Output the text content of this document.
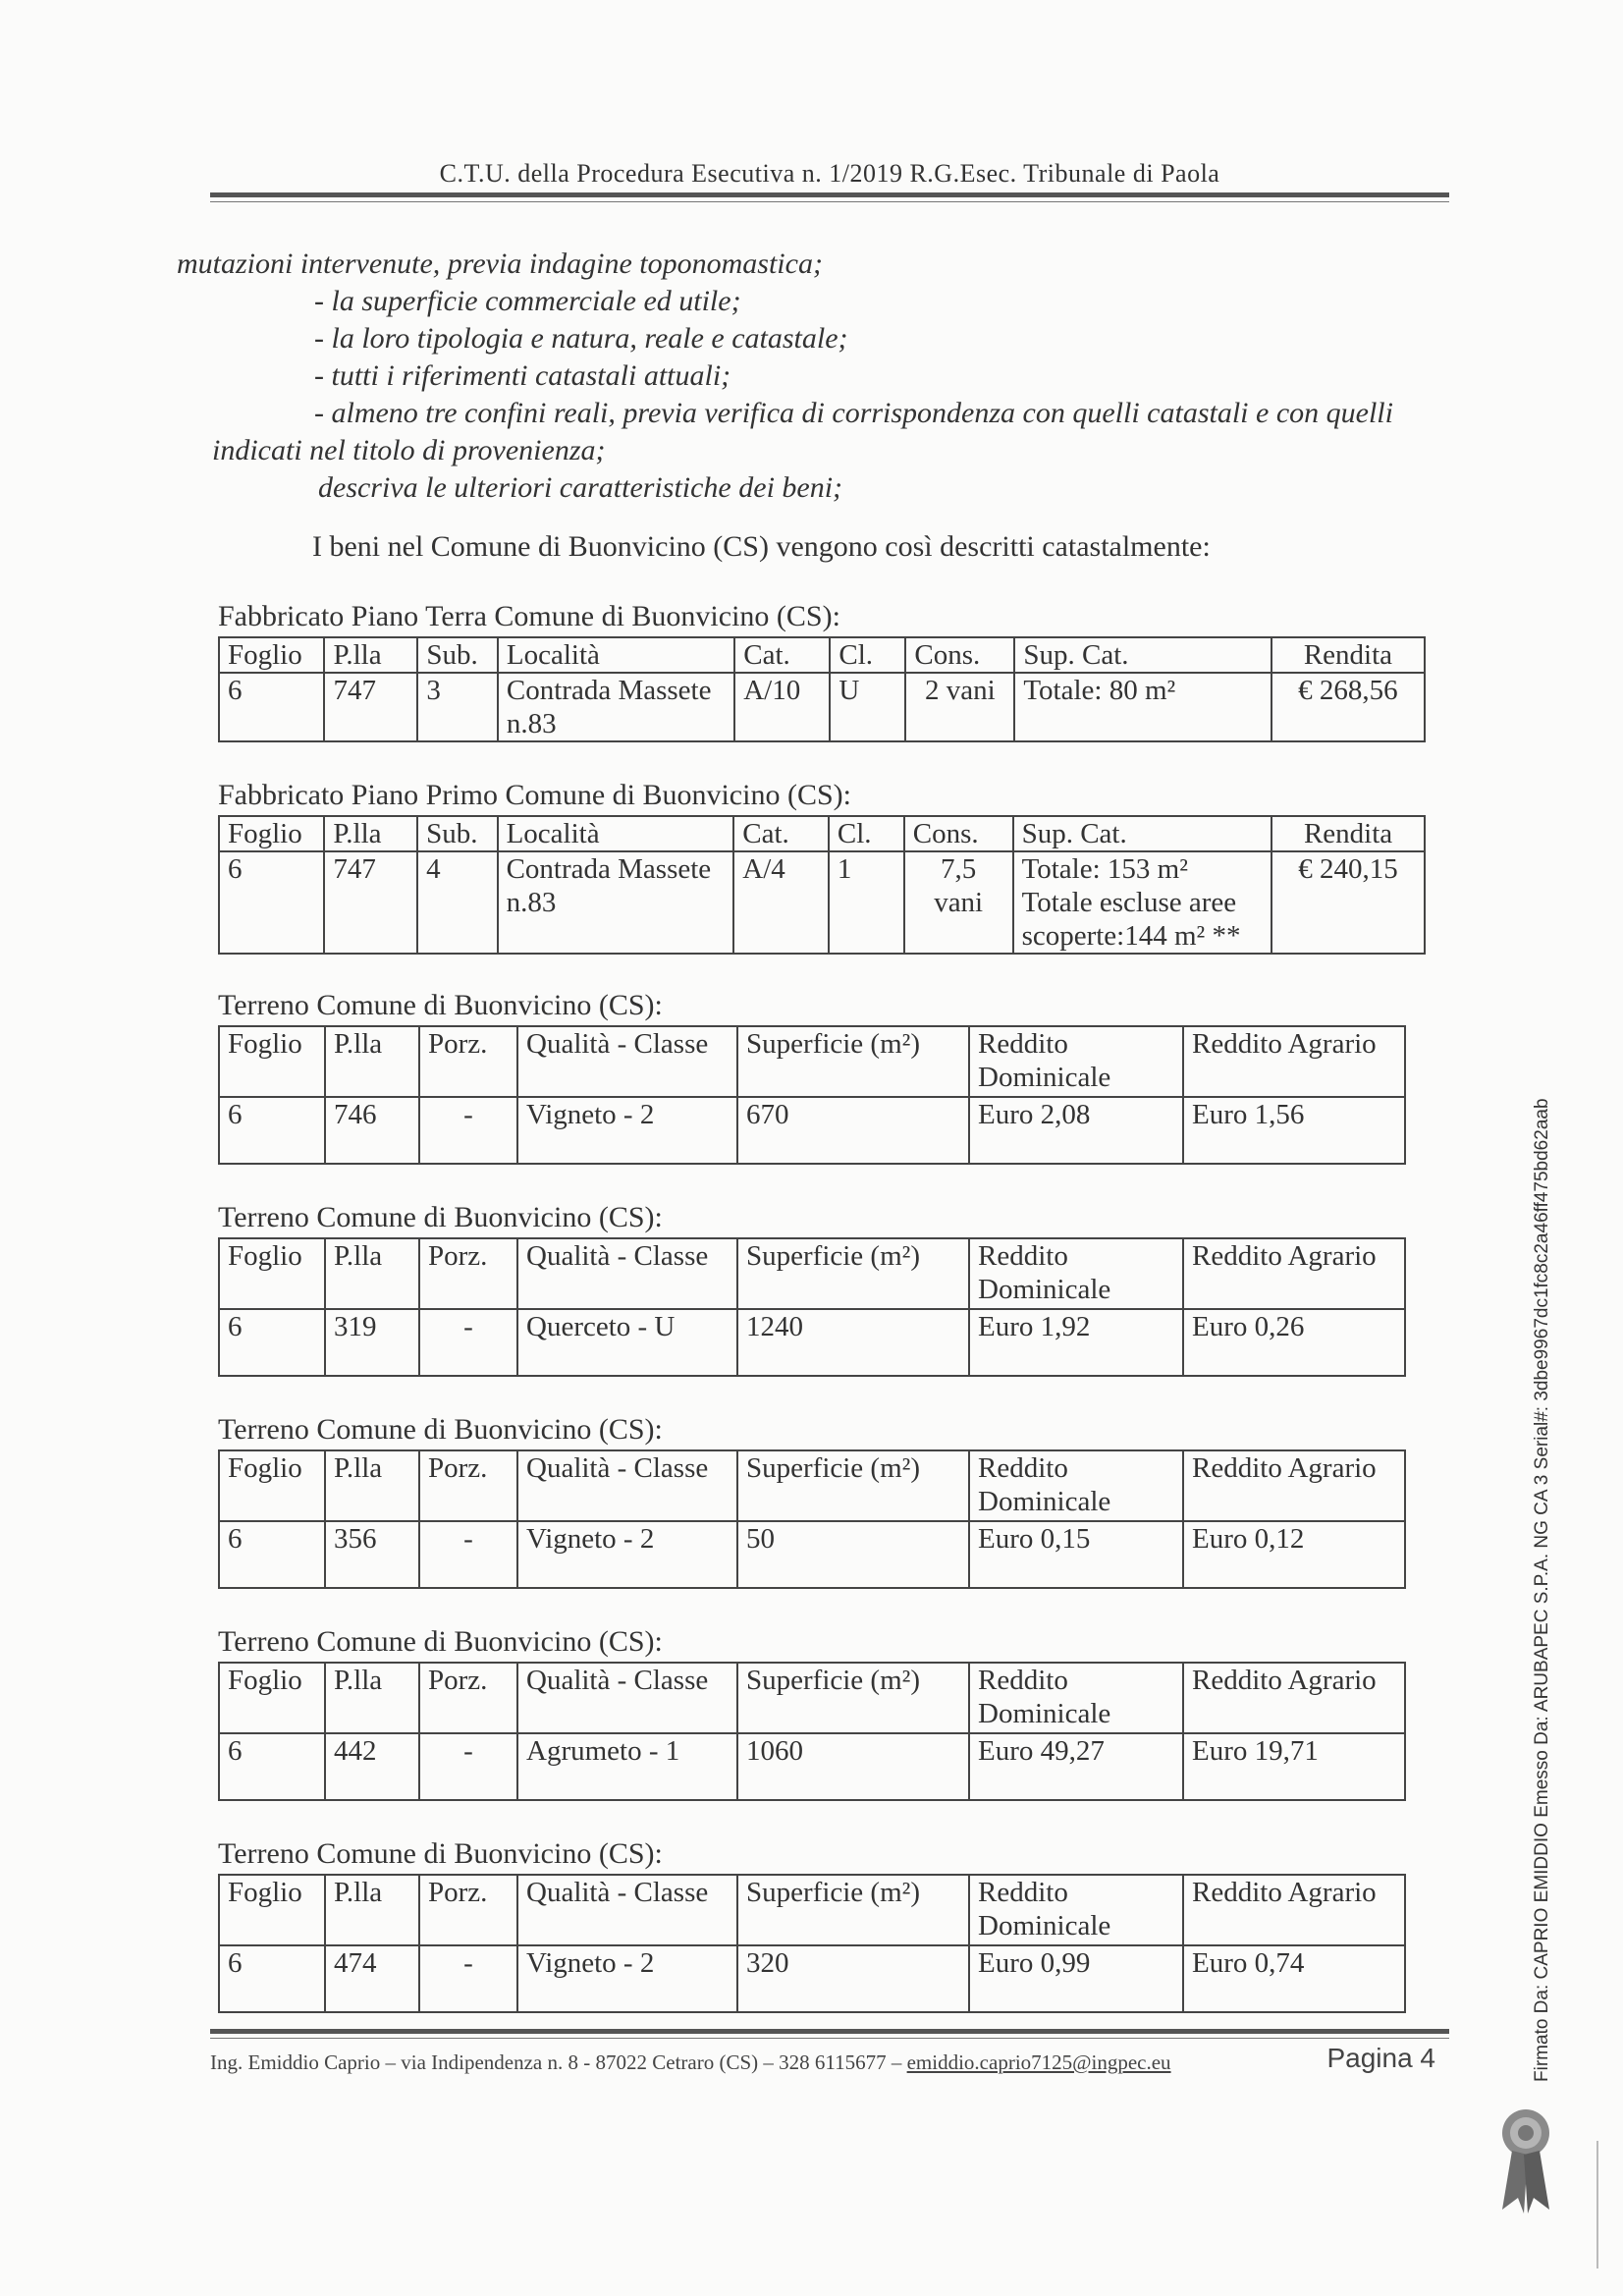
C.T.U. della Procedura Esecutiva n. 1/2019 R.G.Esec. Tribunale di Paola

mutazioni intervenute, previa indagine toponomastica;

- la superficie commerciale ed utile;

- la loro tipologia e natura, reale e catastale;

- tutti i riferimenti catastali attuali;

- almeno tre confini reali, previa verifica di corrispondenza con quelli catastali e con quelli

indicati nel titolo di provenienza;

descriva le ulteriori caratteristiche dei beni;

I beni nel Comune di Buonvicino (CS) vengono così descritti catastalmente:
Fabbricato Piano Terra Comune di Buonvicino (CS):
Foglio	P.lla	Sub.	Località	Cat.	Cl.	Cons.	Sup. Cat.	Rendita
6	747	3	Contrada Massete n.83	A/10	U	2 vani	Totale: 80 m²	€ 268,56
Fabbricato Piano Primo Comune di Buonvicino (CS):
Foglio	P.lla	Sub.	Località	Cat.	Cl.	Cons.	Sup. Cat.	Rendita
6	747	4	Contrada Massete n.83	A/4	1	7,5 vani	Totale: 153 m² Totale escluse aree scoperte:144 m² **	€ 240,15
Terreno Comune di Buonvicino (CS):
Foglio	P.lla	Porz.	Qualità - Classe	Superficie (m²)	Reddito Dominicale	Reddito Agrario
6	746	-	Vigneto - 2	670	Euro 2,08	Euro 1,56
Terreno Comune di Buonvicino (CS):
Foglio	P.lla	Porz.	Qualità - Classe	Superficie (m²)	Reddito Dominicale	Reddito Agrario
6	319	-	Querceto - U	1240	Euro 1,92	Euro 0,26
Terreno Comune di Buonvicino (CS):
Foglio	P.lla	Porz.	Qualità - Classe	Superficie (m²)	Reddito Dominicale	Reddito Agrario
6	356	-	Vigneto - 2	50	Euro 0,15	Euro 0,12
Terreno Comune di Buonvicino (CS):
Foglio	P.lla	Porz.	Qualità - Classe	Superficie (m²)	Reddito Dominicale	Reddito Agrario
6	442	-	Agrumeto - 1	1060	Euro 49,27	Euro 19,71
Terreno Comune di Buonvicino (CS):
Foglio	P.lla	Porz.	Qualità - Classe	Superficie (m²)	Reddito Dominicale	Reddito Agrario
6	474	-	Vigneto - 2	320	Euro 0,99	Euro 0,74
Ing. Emiddio Caprio – via Indipendenza n. 8 - 87022 Cetraro (CS) – 328 6115677 – emiddio.caprio7125@ingpec.eu	Pagina 4	Firmato Da: CAPRIO EMIDDIO Emesso Da: ARUBAPEC S.P.A. NG CA 3 Serial#: 3dbe9967dc1fc8c2a46ff475bd62aab
